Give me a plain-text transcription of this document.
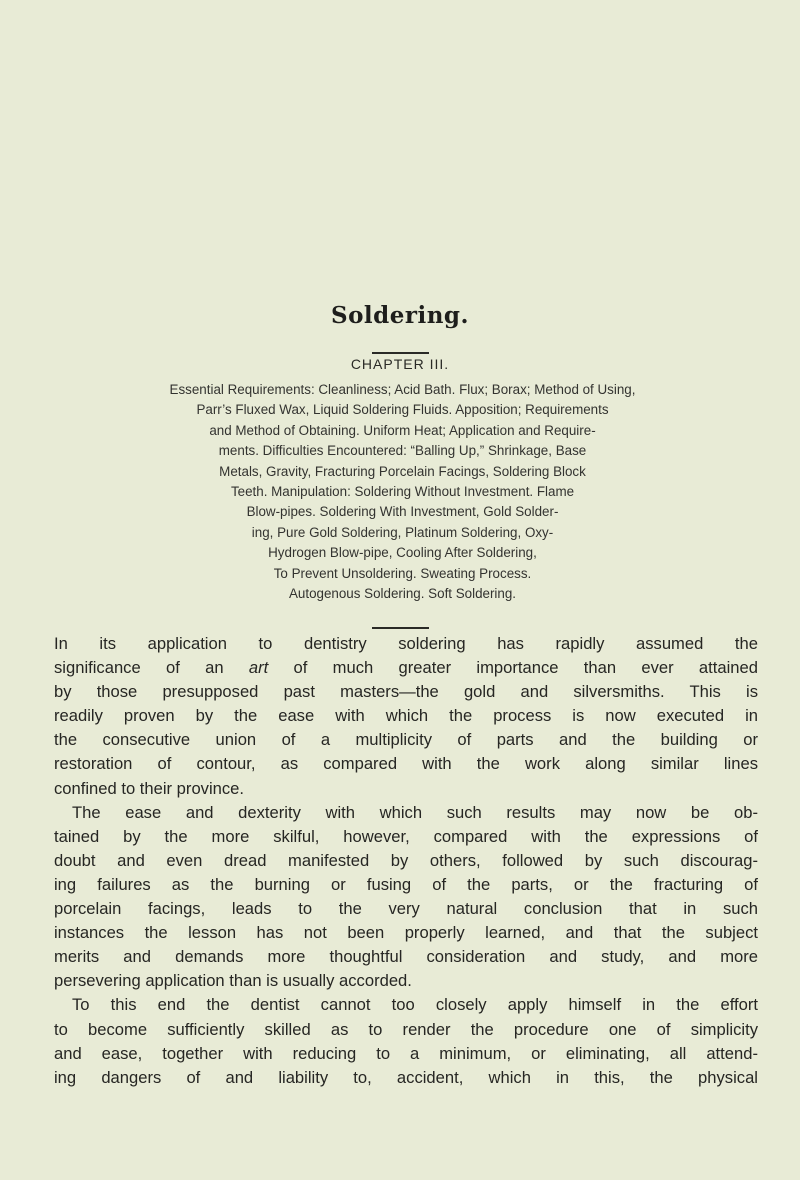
Soldering.
CHAPTER III.
Essential Requirements: Cleanliness; Acid Bath. Flux; Borax; Method of Using,
Parr’s Fluxed Wax, Liquid Soldering Fluids. Apposition; Requirements
and Method of Obtaining. Uniform Heat; Application and Require-
ments. Difficulties Encountered: “Balling Up,” Shrinkage, Base
Metals, Gravity, Fracturing Porcelain Facings, Soldering Block
Teeth. Manipulation: Soldering Without Investment. Flame
Blow-pipes. Soldering With Investment, Gold Solder-
ing, Pure Gold Soldering, Platinum Soldering, Oxy-
Hydrogen Blow-pipe, Cooling After Soldering,
To Prevent Unsoldering. Sweating Process.
Autogenous Soldering. Soft Soldering.
In its application to dentistry soldering has rapidly assumed the
significance of an art of much greater importance than ever attained
by those presupposed past masters—the gold and silversmiths. This is
readily proven by the ease with which the process is now executed in
the consecutive union of a multiplicity of parts and the building or
restoration of contour, as compared with the work along similar lines
confined to their province.
The ease and dexterity with which such results may now be ob-
tained by the more skilful, however, compared with the expressions of
doubt and even dread manifested by others, followed by such discourag-
ing failures as the burning or fusing of the parts, or the fracturing of
porcelain facings, leads to the very natural conclusion that in such
instances the lesson has not been properly learned, and that the subject
merits and demands more thoughtful consideration and study, and more
persevering application than is usually accorded.
To this end the dentist cannot too closely apply himself in the effort
to become sufficiently skilled as to render the procedure one of simplicity
and ease, together with reducing to a minimum, or eliminating, all attend-
ing dangers of and liability to, accident, which in this, the physical
